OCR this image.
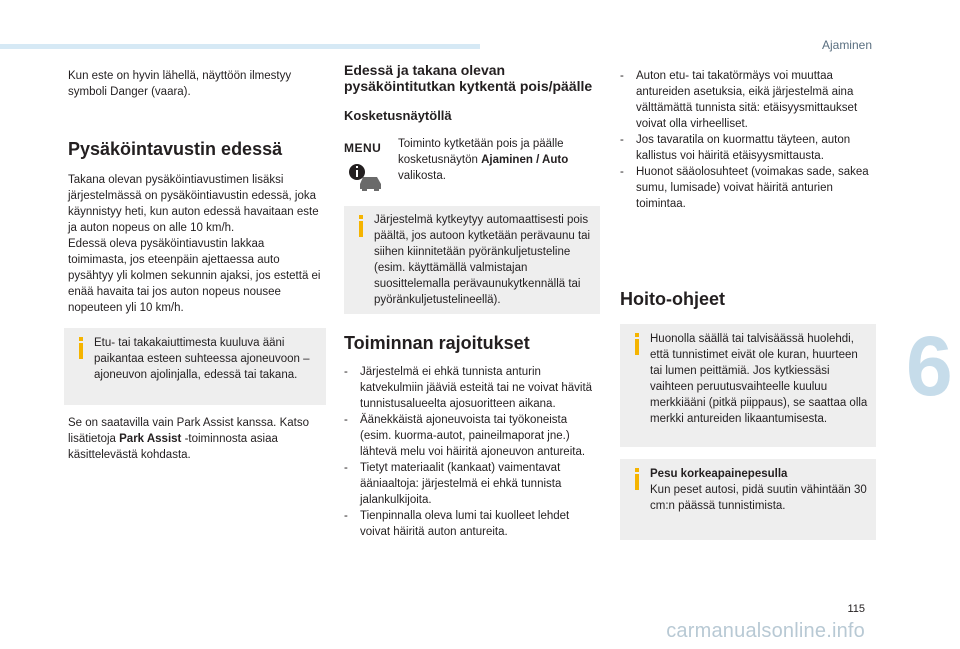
Ajaminen
6

Kun este on hyvin lähellä, näyttöön ilmestyy symboli Danger (vaara).

Pysäköintavustin edessä

Takana olevan pysäköintiavustimen lisäksi järjestelmässä on pysäköintiavustin edessä, joka käynnistyy heti, kun auton edessä havaitaan este ja auton nopeus on alle 10 km/h.

Edessä oleva pysäköintiavustin lakkaa toimimasta, jos eteenpäin ajettaessa auto pysähtyy yli kolmen sekunnin ajaksi, jos estettä ei enää havaita tai jos auton nopeus nousee nopeuteen yli 10 km/h.

Etu- tai takakaiuttimesta kuuluva ääni paikantaa esteen suhteessa ajoneuvoon – ajoneuvon ajolinjalla, edessä tai takana.

Se on saatavilla vain Park Assist kanssa. Katso lisätietoja Park Assist -toiminnosta asiaa käsittelevästä kohdasta.

Edessä ja takana olevan pysäköintitutkan kytkentä pois/päälle
Kosketusnäytöllä
MENU	Toiminto kytketään pois ja päälle kosketusnäytön Ajaminen / Auto valikosta.

Järjestelmä kytkeytyy automaattisesti pois päältä, jos autoon kytketään perävaunu tai siihen kiinnitetään pyöränkuljetusteline (esim. käyttämällä valmistajan suosittelemalla perävaunukytkennällä tai pyöränkuljetustelineellä).
Toiminnan rajoitukset
- Järjestelmä ei ehkä tunnista anturin katvekulmiin jääviä esteitä tai ne voivat hävitä tunnistusalueelta ajosuoritteen aikana.
- Äänekkäistä ajoneuvoista tai työkoneista (esim. kuorma-autot, paineilmaporat jne.) lähtevä melu voi häiritä ajoneuvon antureita.
- Tietyt materiaalit (kankaat) vaimentavat ääniaaltoja: järjestelmä ei ehkä tunnista jalankulkijoita.
- Tienpinnalla oleva lumi tai kuolleet lehdet voivat häiritä auton antureita.
- Auton etu- tai takatörmäys voi muuttaa antureiden asetuksia, eikä järjestelmä aina välttämättä tunnista sitä: etäisyysmittaukset voivat olla virheelliset.
- Jos tavaratila on kuormattu täyteen, auton kallistus voi häiritä etäisyysmittausta.
- Huonot sääolosuhteet (voimakas sade, sakea sumu, lumisade) voivat häiritä anturien toimintaa.
Hoito-ohjeet
Huonolla säällä tai talvisäässä huolehdi, että tunnistimet eivät ole kuran, huurteen tai lumen peittämiä. Jos kytkiessäsi vaihteen peruutusvaihteelle kuuluu merkkiääni (pitkä piippaus), se saattaa olla merkki antureiden likaantumisesta.
Pesu korkeapainepesulla
Kun peset autosi, pidä suutin vähintään 30 cm:n päässä tunnistimista.
115
carmanualsonline.info
